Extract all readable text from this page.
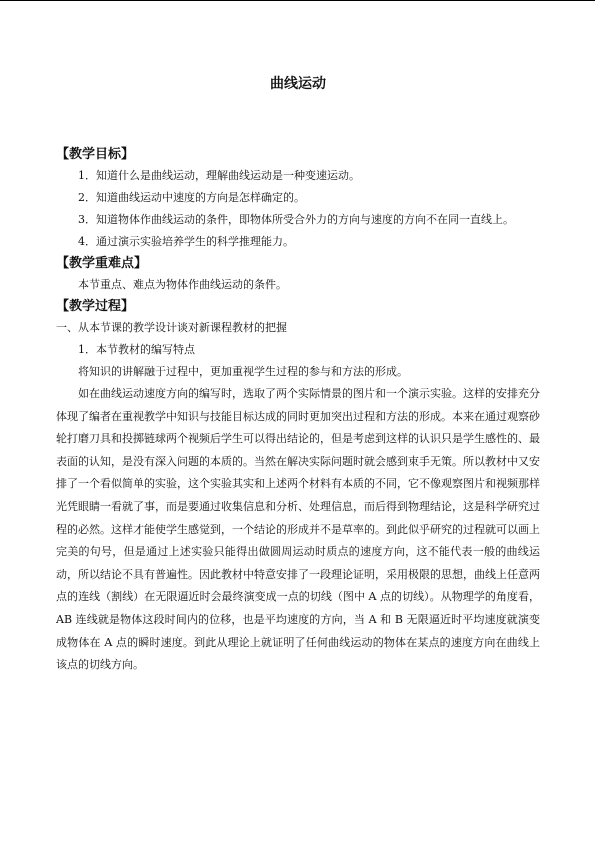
曲线运动
【教学目标】

1．知道什么是曲线运动，理解曲线运动是一种变速运动。

2．知道曲线运动中速度的方向是怎样确定的。

3．知道物体作曲线运动的条件，即物体所受合外力的方向与速度的方向不在同一直线上。

4．通过演示实验培养学生的科学推理能力。

【教学重难点】

本节重点、难点为物体作曲线运动的条件。

【教学过程】

一、从本节课的教学设计谈对新课程教材的把握

1．本节教材的编写特点

将知识的讲解融于过程中，更加重视学生过程的参与和方法的形成。

如在曲线运动速度方向的编写时，选取了两个实际情景的图片和一个演示实验。这样的安排充分体现了编者在重视教学中知识与技能目标达成的同时更加突出过程和方法的形成。本来在通过观察砂轮打磨刀具和投掷链球两个视频后学生可以得出结论的，但是考虑到这样的认识只是学生感性的、最表面的认知，是没有深入问题的本质的。当然在解决实际问题时就会感到束手无策。所以教材中又安排了一个看似简单的实验，这个实验其实和上述两个材料有本质的不同，它不像观察图片和视频那样光凭眼睛一看就了事，而是要通过收集信息和分析、处理信息，而后得到物理结论，这是科学研究过程的必然。这样才能使学生感觉到，一个结论的形成并不是草率的。到此似乎研究的过程就可以画上完美的句号，但是通过上述实验只能得出做圆周运动时质点的速度方向，这不能代表一般的曲线运动，所以结论不具有普遍性。因此教材中特意安排了一段理论证明，采用极限的思想，曲线上任意两点的连线（割线）在无限逼近时会最终演变成一点的切线（图中 A 点的切线）。从物理学的角度看，AB 连线就是物体这段时间内的位移，也是平均速度的方向，当 A 和 B 无限逼近时平均速度就演变成物体在 A 点的瞬时速度。到此从理论上就证明了任何曲线运动的物体在某点的速度方向在曲线上该点的切线方向。
